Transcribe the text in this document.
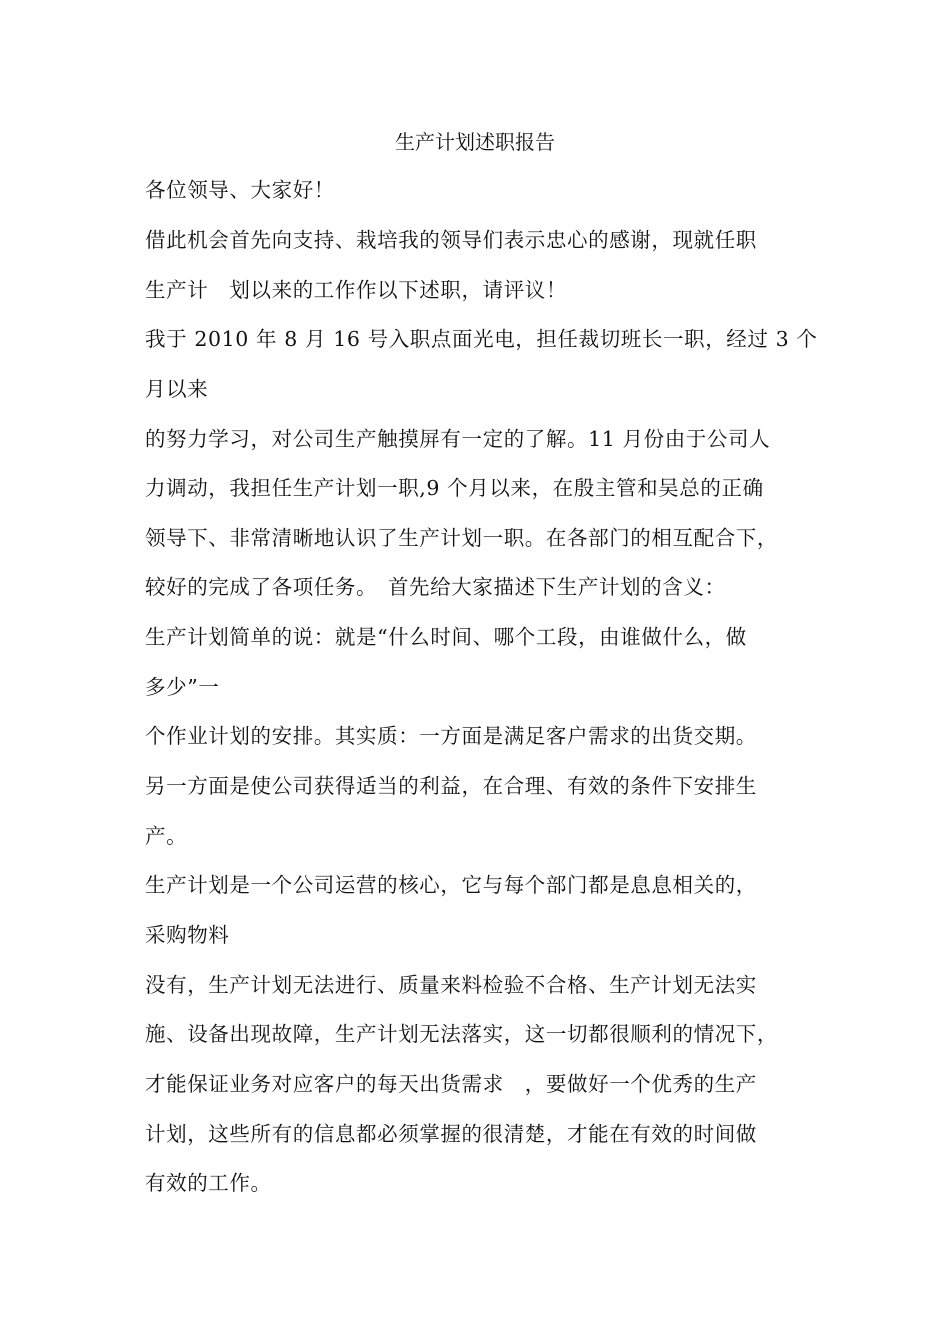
生产计划述职报告
各位领导、大家好！
借此机会首先向支持、栽培我的领导们表示忠心的感谢，现就任职
生产计　划以来的工作作以下述职，请评议！
我于 2010 年 8 月 16 号入职点面光电，担任裁切班长一职，经过 3 个
月以来
的努力学习，对公司生产触摸屏有一定的了解。11 月份由于公司人
力调动，我担任生产计划一职,9 个月以来，在殷主管和吴总的正确
领导下、非常清晰地认识了生产计划一职。在各部门的相互配合下，
较好的完成了各项任务。　首先给大家描述下生产计划的含义：
生产计划简单的说：就是“什么时间、哪个工段，由谁做什么，做
多少”一
个作业计划的安排。其实质：一方面是满足客户需求的出货交期。
另一方面是使公司获得适当的利益，在合理、有效的条件下安排生
产。
生产计划是一个公司运营的核心，它与每个部门都是息息相关的，
采购物料
没有，生产计划无法进行、质量来料检验不合格、生产计划无法实
施、设备出现故障，生产计划无法落实，这一切都很顺利的情况下，
才能保证业务对应客户的每天出货需求　，要做好一个优秀的生产
计划，这些所有的信息都必须掌握的很清楚，才能在有效的时间做
有效的工作。
